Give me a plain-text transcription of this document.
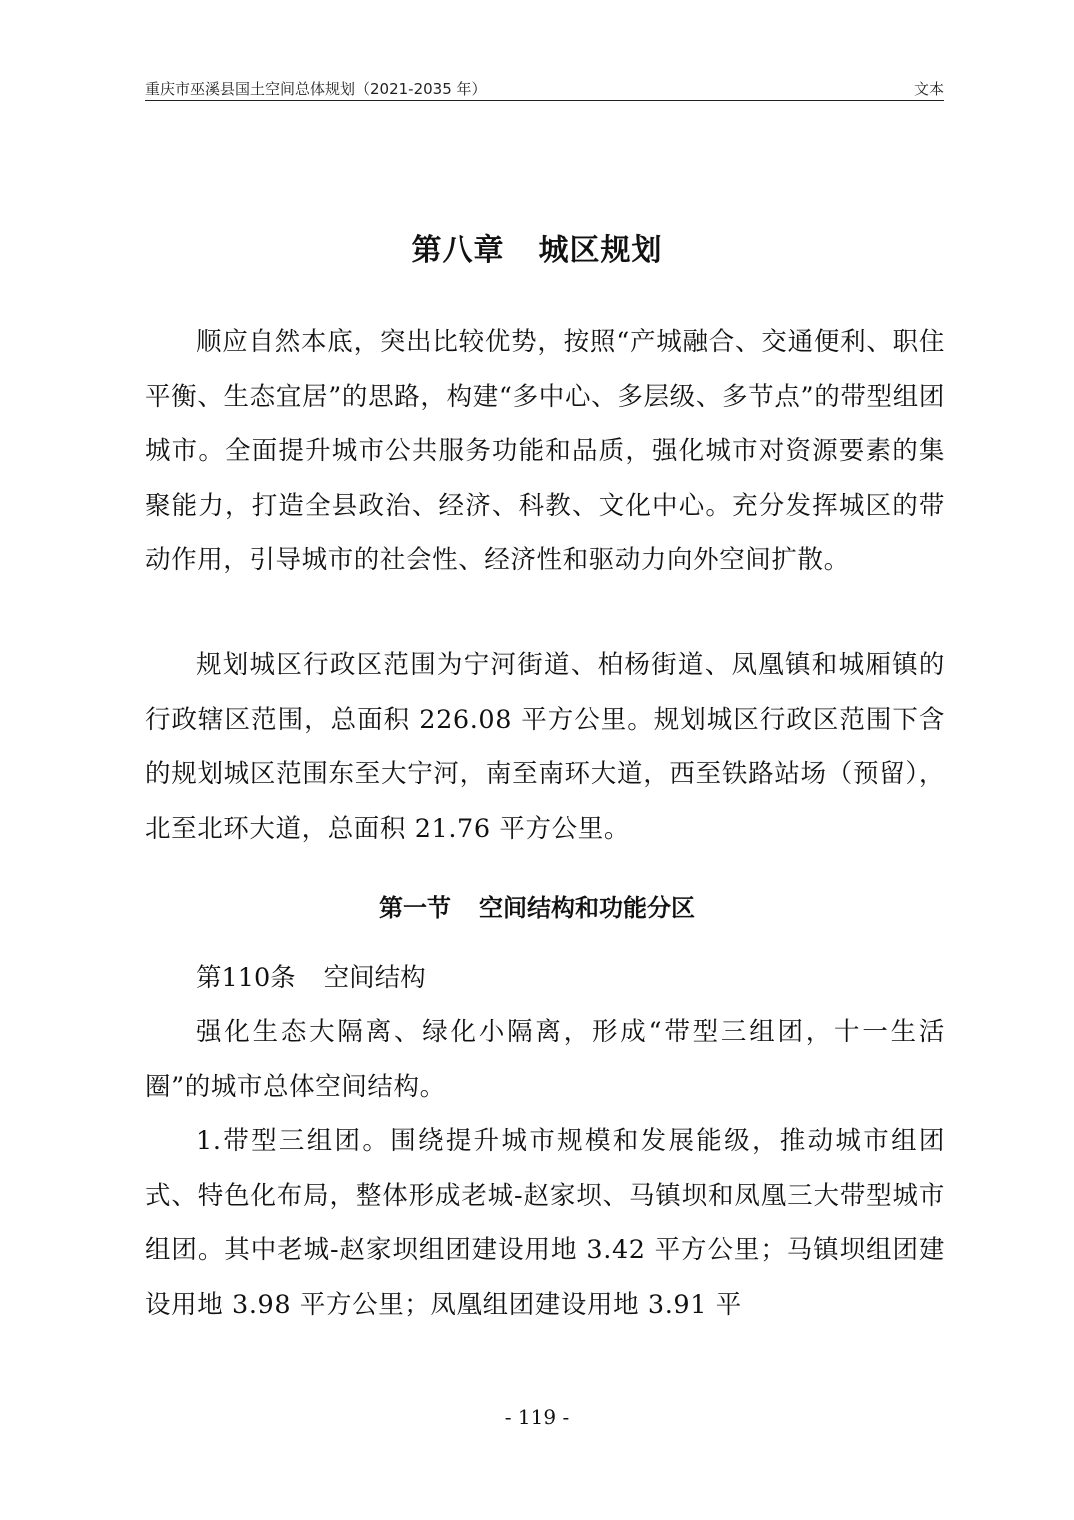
重庆市巫溪县国土空间总体规划（2021-2035 年）	文本
第八章 城区规划

顺应自然本底，突出比较优势，按照“产城融合、交通便利、职住平衡、生态宜居”的思路，构建“多中心、多层级、多节点”的带型组团城市。全面提升城市公共服务功能和品质，强化城市对资源要素的集聚能力，打造全县政治、经济、科教、文化中心。充分发挥城区的带动作用，引导城市的社会性、经济性和驱动力向外空间扩散。

规划城区行政区范围为宁河街道、柏杨街道、凤凰镇和城厢镇的行政辖区范围，总面积 226.08 平方公里。规划城区行政区范围下含的规划城区范围东至大宁河，南至南环大道，西至铁路站场（预留），北至北环大道，总面积 21.76 平方公里。

第一节 空间结构和功能分区
第110条 空间结构

强化生态大隔离、绿化小隔离，形成“带型三组团，十一生活圈”的城市总体空间结构。

1.带型三组团。围绕提升城市规模和发展能级，推动城市组团式、特色化布局，整体形成老城-赵家坝、马镇坝和凤凰三大带型城市组团。其中老城-赵家坝组团建设用地 3.42 平方公里；马镇坝组团建设用地 3.98 平方公里；凤凰组团建设用地 3.91 平

- 119 -
